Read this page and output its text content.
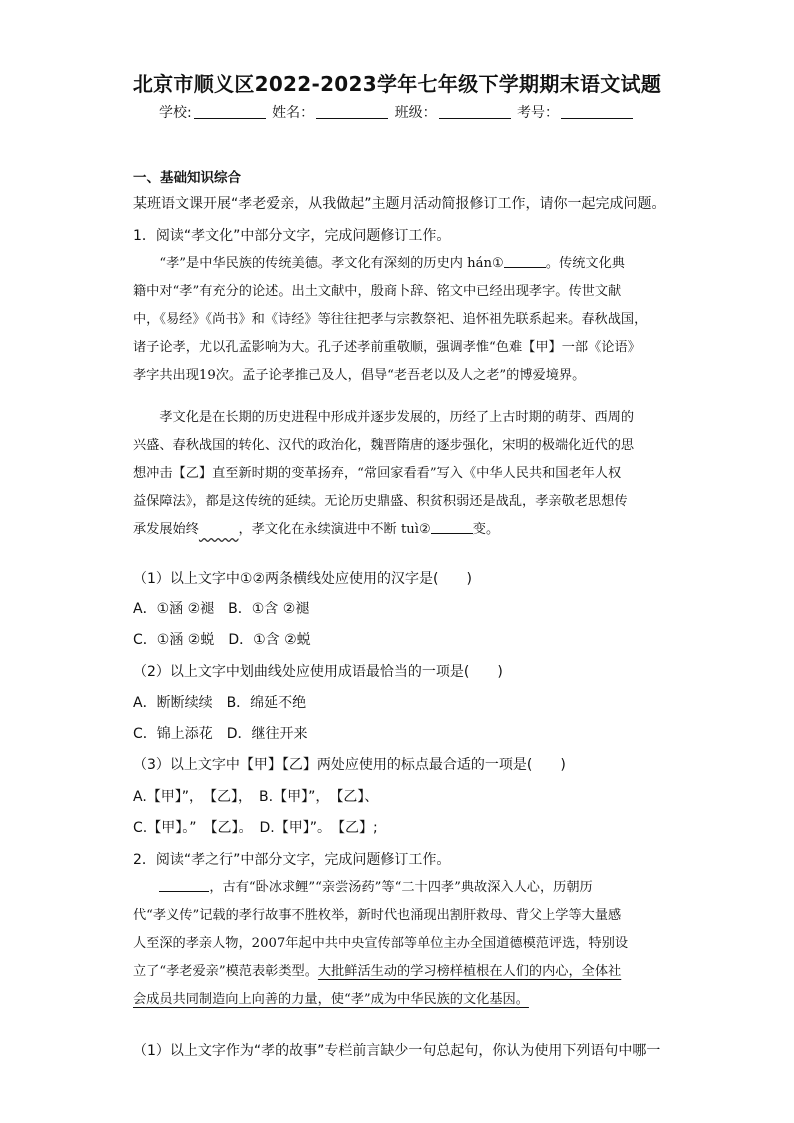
北京市顺义区2022-2023学年七年级下学期期末语文试题
学校:	姓名：	班级：	考号：
一、基础知识综合
某班语文课开展“孝老爱亲，从我做起”主题月活动简报修订工作，请你一起完成问题。
1．阅读“孝文化”中部分文字，完成问题修订工作。
　　“孝”是中华民族的传统美德。孝文化有深刻的历史内 hán①	。传统文化典
籍中对“孝”有充分的论述。出土文献中，殷商卜辞、铭文中已经出现孝字。传世文献
中，《易经》《尚书》和《诗经》等往往把孝与宗教祭祀、追怀祖先联系起来。春秋战国，
诸子论孝，尤以孔孟影响为大。孔子述孝前重敬顺，强调孝惟“色难【甲】一部《论语》
孝字共出现19次。孟子论孝推己及人，倡导“老吾老以及人之老”的博爱境界。
　　孝文化是在长期的历史进程中形成并逐步发展的，历经了上古时期的萌芽、西周的
兴盛、春秋战国的转化、汉代的政治化，魏晋隋唐的逐步强化，宋明的极端化近代的思
想冲击【乙】直至新时期的变革扬弃，“常回家看看”写入《中华人民共和国老年人权
益保障法》，都是这传统的延续。无论历史鼎盛、积贫积弱还是战乱，孝亲敬老思想传
承发展始终　　　	，孝文化在永续演进中不断 tuì②	变。
（1）以上文字中①②两条横线处应使用的汉字是(　　)
A．①涵 ②褪　B．①含 ②褪
C．①涵 ②蜕　D．①含 ②蜕
（2）以上文字中划曲线处应使用成语最恰当的一项是(　　)
A．断断续续　B．绵延不绝
C．锦上添花　D．继往开来
（3）以上文字中【甲】【乙】两处应使用的标点最合适的一项是(　　)
A.【甲】”，　【乙】，　B.【甲】”，　【乙】、
C.【甲】。”　【乙】。　D.【甲】”。　【乙】;
2．阅读“孝之行”中部分文字，完成问题修订工作。
　　，古有“卧冰求鲤”“亲尝汤药”等“二十四孝”典故深入人心，历朝历
代“孝义传”记载的孝行故事不胜枚举，新时代也涌现出割肝救母、背父上学等大量感
人至深的孝亲人物，2007年起中共中央宣传部等单位主办全国道德模范评选，特别设
立了“孝老爱亲”模范表彰类型。大批鲜活生动的学习榜样植根在人们的内心，全体社
会成员共同制造向上向善的力量，使“孝”成为中华民族的文化基因。
（1）以上文字作为“孝的故事”专栏前言缺少一句总起句，你认为使用下列语句中哪一
